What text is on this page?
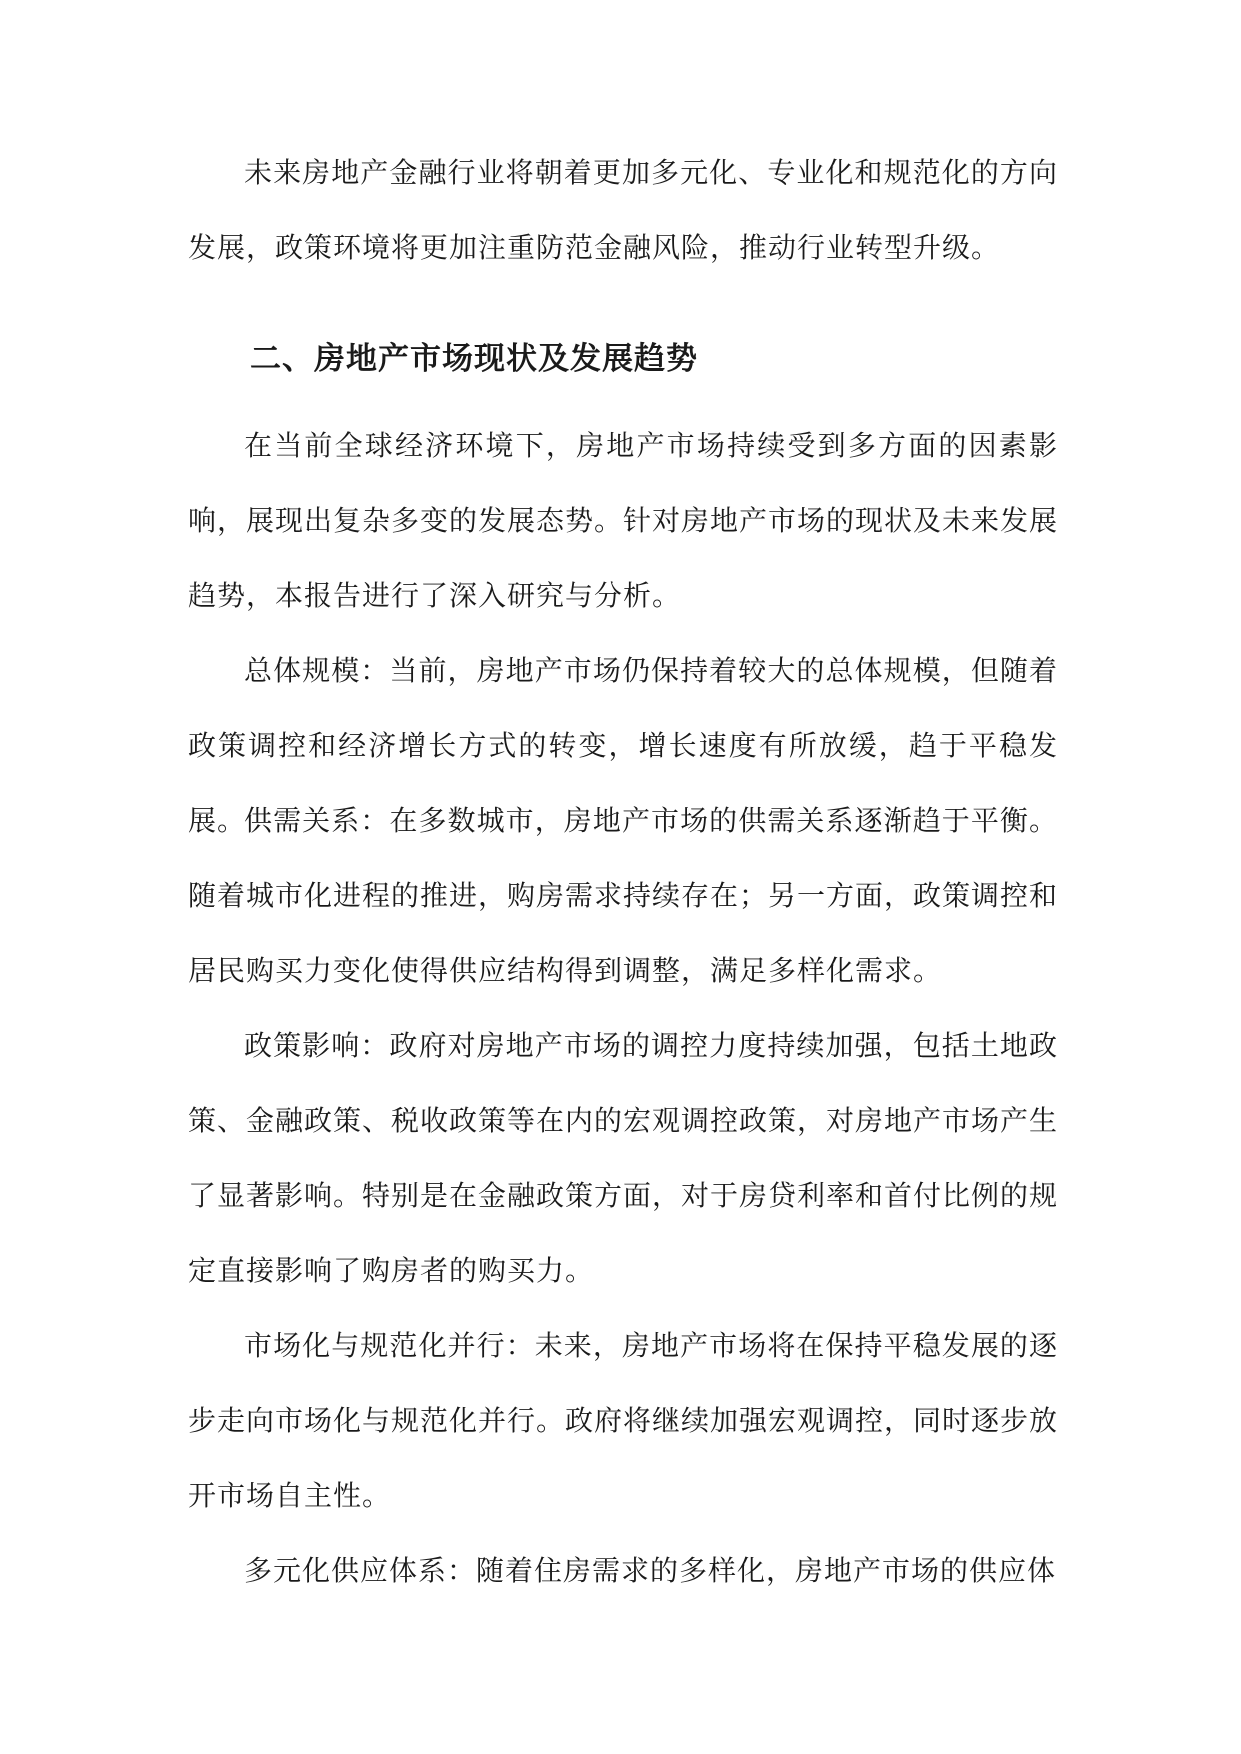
未来房地产金融行业将朝着更加多元化、专业化和规范化的方向发展，政策环境将更加注重防范金融风险，推动行业转型升级。

二、房地产市场现状及发展趋势

在当前全球经济环境下，房地产市场持续受到多方面的因素影响，展现出复杂多变的发展态势。针对房地产市场的现状及未来发展趋势，本报告进行了深入研究与分析。

总体规模：当前，房地产市场仍保持着较大的总体规模，但随着政策调控和经济增长方式的转变，增长速度有所放缓，趋于平稳发展。

供需关系：在多数城市，房地产市场的供需关系逐渐趋于平衡。随着城市化进程的推进，购房需求持续存在；另一方面，政策调控和居民购买力变化使得供应结构得到调整，满足多样化需求。

政策影响：政府对房地产市场的调控力度持续加强，包括土地政策、金融政策、税收政策等在内的宏观调控政策，对房地产市场产生了显著影响。特别是在金融政策方面，对于房贷利率和首付比例的规定直接影响了购房者的购买力。

市场化与规范化并行：未来，房地产市场将在保持平稳发展的逐步走向市场化与规范化并行。政府将继续加强宏观调控，同时逐步放开市场自主性。

多元化供应体系：随着住房需求的多样化，房地产市场的供应体
